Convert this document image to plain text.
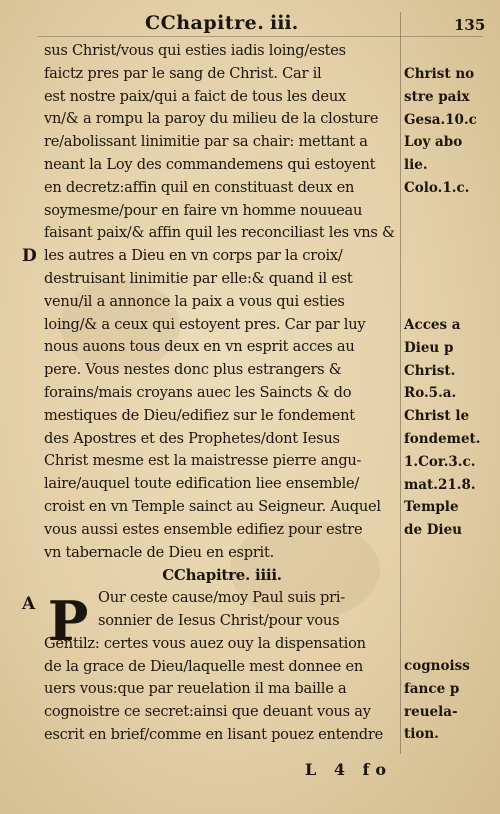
CChapitre. iii.	135
D
A
sus Christ/vous qui esties iadis loing/estes
faictz pres par le sang de Christ. Car il
est nostre paix/qui a faict de tous les deux
vn/& a rompu la paroy du milieu de la closture
re/abolissant linimitie par sa chair: mettant a
neant la Loy des commandemens qui estoyent
en decretz:affin quil en constituast deux en
soymesme/pour en faire vn homme nouueau
faisant paix/& affin quil les reconciliast les vns &
les autres a Dieu en vn corps par la croix/
destruisant linimitie par elle:& quand il est
venu/il a annonce la paix a vous qui esties
loing/& a ceux qui estoyent pres. Car par luy
nous auons tous deux en vn esprit acces au
pere. Vous nestes donc plus estrangers &
forains/mais croyans auec les Saincts & do
mestiques de Dieu/edifiez sur le fondement
des Apostres et des Prophetes/dont Iesus
Christ mesme est la maistresse pierre angu-
laire/auquel toute edification liee ensemble/
croist en vn Temple sainct au Seigneur. Auquel
vous aussi estes ensemble edifiez pour estre
vn tabernacle de Dieu en esprit.
CChapitre. iiii.
Our ceste cause/moy Paul suis pri-
sonnier de Iesus Christ/pour vous
Gentilz: certes vous auez ouy la dispensation
de la grace de Dieu/laquelle mest donnee en
uers vous:que par reuelation il ma baille a
cognoistre ce secret:ainsi que deuant vous ay
escrit en brief/comme en lisant pouez entendre
P
Christ no
stre paix
Gesa.10.c
Loy abo
lie.
Colo.1.c.
Acces a
Dieu p
Christ.
Ro.5.a.
Christ le
fondemet.
1.Cor.3.c.
mat.21.8.
Temple
de Dieu
cognoiss
fance p
reuela-
tion.
L 4 fo
